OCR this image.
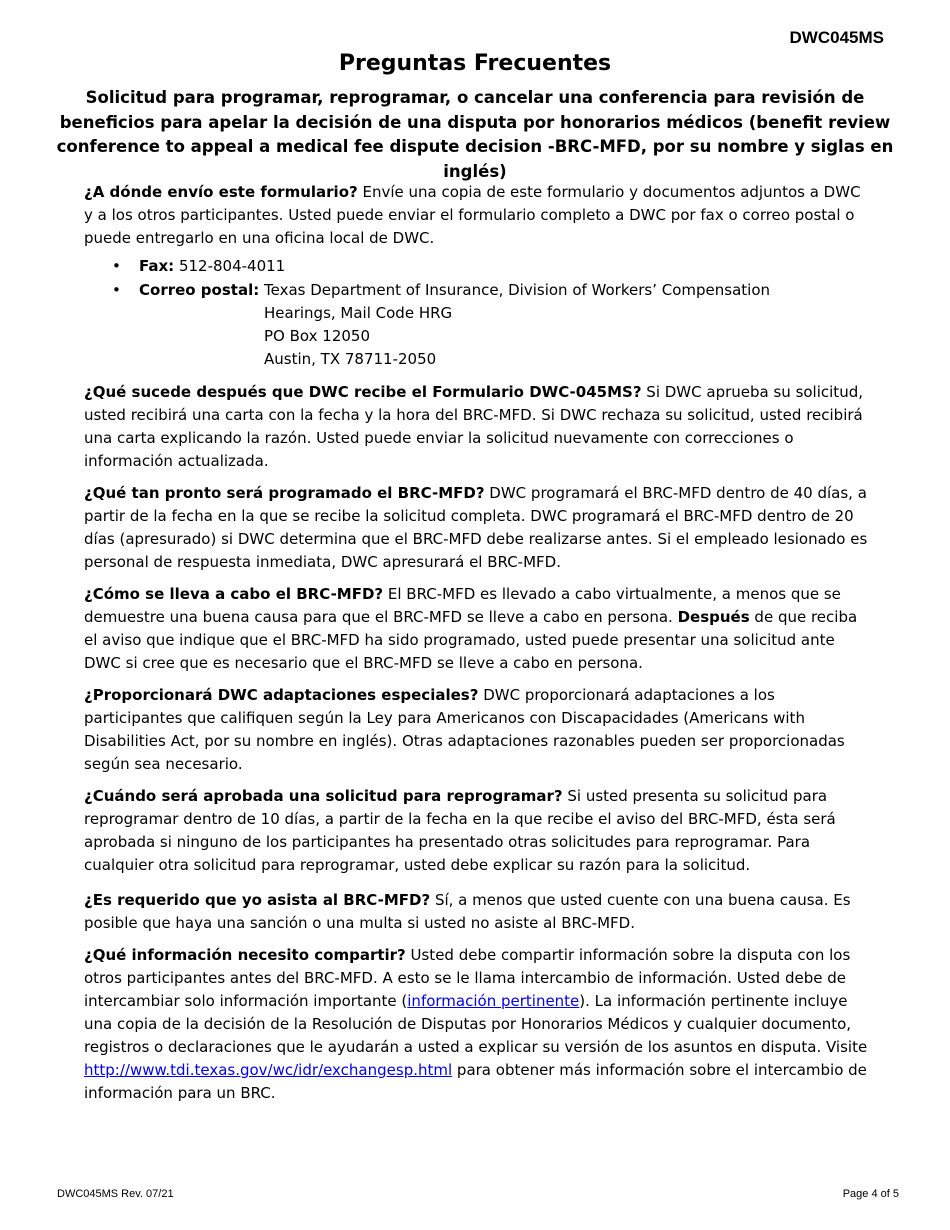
DWC045MS
Preguntas Frecuentes
Solicitud para programar, reprogramar, o cancelar una conferencia para revisión de beneficios para apelar la decisión de una disputa por honorarios médicos (benefit review conference to appeal a medical fee dispute decision -BRC-MFD, por su nombre y siglas en inglés)

¿A dónde envío este formulario? Envíe una copia de este formulario y documentos adjuntos a DWC y a los otros participantes. Usted puede enviar el formulario completo a DWC por fax o correo postal o puede entregarlo en una oficina local de DWC.

• Fax: 512-804-4011
• Correo postal:
Texas Department of Insurance, Division of Workers’ Compensation
Hearings, Mail Code HRG
PO Box 12050
Austin, TX 78711-2050

¿Qué sucede después que DWC recibe el Formulario DWC-045MS? Si DWC aprueba su solicitud, usted recibirá una carta con la fecha y la hora del BRC-MFD. Si DWC rechaza su solicitud, usted recibirá una carta explicando la razón. Usted puede enviar la solicitud nuevamente con correcciones o información actualizada.

¿Qué tan pronto será programado el BRC-MFD? DWC programará el BRC-MFD dentro de 40 días, a partir de la fecha en la que se recibe la solicitud completa. DWC programará el BRC-MFD dentro de 20 días (apresurado) si DWC determina que el BRC-MFD debe realizarse antes. Si el empleado lesionado es personal de respuesta inmediata, DWC apresurará el BRC-MFD.

¿Cómo se lleva a cabo el BRC-MFD? El BRC-MFD es llevado a cabo virtualmente, a menos que se demuestre una buena causa para que el BRC-MFD se lleve a cabo en persona. Después de que reciba el aviso que indique que el BRC-MFD ha sido programado, usted puede presentar una solicitud ante DWC si cree que es necesario que el BRC-MFD se lleve a cabo en persona.

¿Proporcionará DWC adaptaciones especiales? DWC proporcionará adaptaciones a los participantes que califiquen según la Ley para Americanos con Discapacidades (Americans with Disabilities Act, por su nombre en inglés). Otras adaptaciones razonables pueden ser proporcionadas según sea necesario.

¿Cuándo será aprobada una solicitud para reprogramar? Si usted presenta su solicitud para reprogramar dentro de 10 días, a partir de la fecha en la que recibe el aviso del BRC-MFD, ésta será aprobada si ninguno de los participantes ha presentado otras solicitudes para reprogramar. Para cualquier otra solicitud para reprogramar, usted debe explicar su razón para la solicitud.

¿Es requerido que yo asista al BRC-MFD? Sí, a menos que usted cuente con una buena causa. Es posible que haya una sanción o una multa si usted no asiste al BRC-MFD.

¿Qué información necesito compartir? Usted debe compartir información sobre la disputa con los otros participantes antes del BRC-MFD. A esto se le llama intercambio de información. Usted debe de intercambiar solo información importante (información pertinente). La información pertinente incluye una copia de la decisión de la Resolución de Disputas por Honorarios Médicos y cualquier documento, registros o declaraciones que le ayudarán a usted a explicar su versión de los asuntos en disputa. Visite http://www.tdi.texas.gov/wc/idr/exchangesp.html para obtener más información sobre el intercambio de información para un BRC.

DWC045MS Rev. 07/21	Page 4 of 5
